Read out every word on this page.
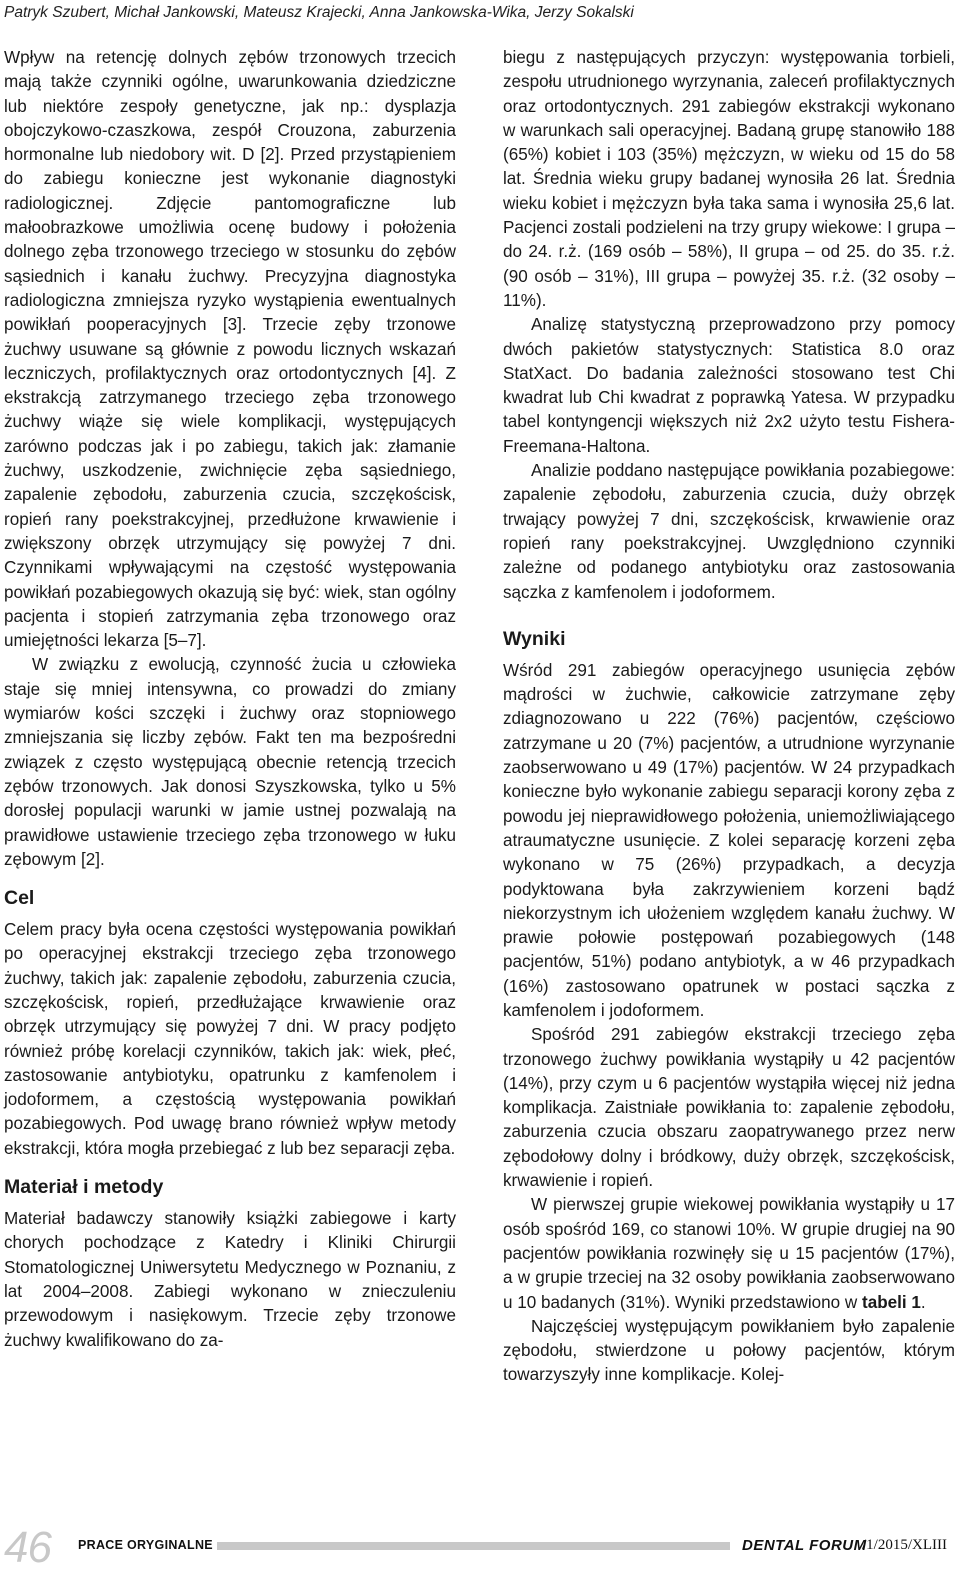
Patryk Szubert, Michał Jankowski, Mateusz Krajecki, Anna Jankowska-Wika, Jerzy Sokalski

Wpływ na retencję dolnych zębów trzonowych trzecich mają także czynniki ogólne, uwarunkowania dziedziczne lub niektóre zespoły genetyczne, jak np.: dysplazja obojczykowo-czaszkowa, zespół Crouzona, zaburzenia hormonalne lub niedobory wit. D [2]. Przed przystąpieniem do zabiegu konieczne jest wykonanie diagnostyki radiologicznej. Zdjęcie pantomograficzne lub małoobrazkowe umożliwia ocenę budowy i położenia dolnego zęba trzonowego trzeciego w stosunku do zębów sąsiednich i kanału żuchwy. Precyzyjna diagnostyka radiologiczna zmniejsza ryzyko wystąpienia ewentualnych powikłań pooperacyjnych [3]. Trzecie zęby trzonowe żuchwy usuwane są głównie z powodu licznych wskazań leczniczych, profilaktycznych oraz ortodontycznych [4]. Z ekstrakcją zatrzymanego trzeciego zęba trzonowego żuchwy wiąże się wiele komplikacji, występujących zarówno podczas jak i po zabiegu, takich jak: złamanie żuchwy, uszkodzenie, zwichnięcie zęba sąsiedniego, zapalenie zębodołu, zaburzenia czucia, szczękościsk, ropień rany poekstrakcyjnej, przedłużone krwawienie i zwiększony obrzęk utrzymujący się powyżej 7 dni. Czynnikami wpływającymi na częstość występowania powikłań pozabiegowych okazują się być: wiek, stan ogólny pacjenta i stopień zatrzymania zęba trzonowego oraz umiejętności lekarza [5–7].

W związku z ewolucją, czynność żucia u człowieka staje się mniej intensywna, co prowadzi do zmiany wymiarów kości szczęki i żuchwy oraz stopniowego zmniejszania się liczby zębów. Fakt ten ma bezpośredni związek z często występującą obecnie retencją trzecich zębów trzonowych. Jak donosi Szyszkowska, tylko u 5% dorosłej populacji warunki w jamie ustnej pozwalają na prawidłowe ustawienie trzeciego zęba trzonowego w łuku zębowym [2].

Cel

Celem pracy była ocena częstości występowania powikłań po operacyjnej ekstrakcji trzeciego zęba trzonowego żuchwy, takich jak: zapalenie zębodołu, zaburzenia czucia, szczękościsk, ropień, przedłużające krwawienie oraz obrzęk utrzymujący się powyżej 7 dni. W pracy podjęto również próbę korelacji czynników, takich jak: wiek, płeć, zastosowanie antybiotyku, opatrunku z kamfenolem i jodoformem, a częstością występowania powikłań pozabiegowych. Pod uwagę brano również wpływ metody ekstrakcji, która mogła przebiegać z lub bez separacji zęba.

Materiał i metody

Materiał badawczy stanowiły książki zabiegowe i karty chorych pochodzące z Katedry i Kliniki Chirurgii Stomatologicznej Uniwersytetu Medycznego w Poznaniu, z lat 2004–2008. Zabiegi wykonano w znieczuleniu przewodowym i nasiękowym. Trzecie zęby trzonowe żuchwy kwalifikowano do za-

biegu z następujących przyczyn: występowania torbieli, zespołu utrudnionego wyrzynania, zaleceń profilaktycznych oraz ortodontycznych. 291 zabiegów ekstrakcji wykonano w warunkach sali operacyjnej. Badaną grupę stanowiło 188 (65%) kobiet i 103 (35%) mężczyzn, w wieku od 15 do 58 lat. Średnia wieku grupy badanej wynosiła 26 lat. Średnia wieku kobiet i mężczyzn była taka sama i wynosiła 25,6 lat. Pacjenci zostali podzieleni na trzy grupy wiekowe: I grupa – do 24. r.ż. (169 osób – 58%), II grupa – od 25. do 35. r.ż. (90 osób – 31%), III grupa – powyżej 35. r.ż. (32 osoby – 11%).

Analizę statystyczną przeprowadzono przy pomocy dwóch pakietów statystycznych: Statistica 8.0 oraz StatXact. Do badania zależności stosowano test Chi kwadrat lub Chi kwadrat z poprawką Yatesa. W przypadku tabel kontyngencji większych niż 2x2 użyto testu Fishera-Freemana-Haltona.

Analizie poddano następujące powikłania pozabiegowe: zapalenie zębodołu, zaburzenia czucia, duży obrzęk trwający powyżej 7 dni, szczękościsk, krwawienie oraz ropień rany poekstrakcyjnej. Uwzględniono czynniki zależne od podanego antybiotyku oraz zastosowania sączka z kamfenolem i jodoformem.

Wyniki

Wśród 291 zabiegów operacyjnego usunięcia zębów mądrości w żuchwie, całkowicie zatrzymane zęby zdiagnozowano u 222 (76%) pacjentów, częściowo zatrzymane u 20 (7%) pacjentów, a utrudnione wyrzynanie zaobserwowano u 49 (17%) pacjentów. W 24 przypadkach konieczne było wykonanie zabiegu separacji korony zęba z powodu jej nieprawidłowego położenia, uniemożliwiającego atraumatyczne usunięcie. Z kolei separację korzeni zęba wykonano w 75 (26%) przypadkach, a decyzja podyktowana była zakrzywieniem korzeni bądź niekorzystnym ich ułożeniem względem kanału żuchwy. W prawie połowie postępowań pozabiegowych (148 pacjentów, 51%) podano antybiotyk, a w 46 przypadkach (16%) zastosowano opatrunek w postaci sączka z kamfenolem i jodoformem.

Spośród 291 zabiegów ekstrakcji trzeciego zęba trzonowego żuchwy powikłania wystąpiły u 42 pacjentów (14%), przy czym u 6 pacjentów wystąpiła więcej niż jedna komplikacja. Zaistniałe powikłania to: zapalenie zębodołu, zaburzenia czucia obszaru zaopatrywanego przez nerw zębodołowy dolny i bródkowy, duży obrzęk, szczękościsk, krwawienie i ropień.

W pierwszej grupie wiekowej powikłania wystąpiły u 17 osób spośród 169, co stanowi 10%. W grupie drugiej na 90 pacjentów powikłania rozwinęły się u 15 pacjentów (17%), a w grupie trzeciej na 32 osoby powikłania zaobserwowano u 10 badanych (31%). Wyniki przedstawiono w tabeli 1.

Najczęściej występującym powikłaniem było zapalenie zębodołu, stwierdzone u połowy pacjentów, którym towarzyszyły inne komplikacje. Kolej-

46 PRACE ORYGINALNE	DENTAL FORUM
/1/2015/XLIII
